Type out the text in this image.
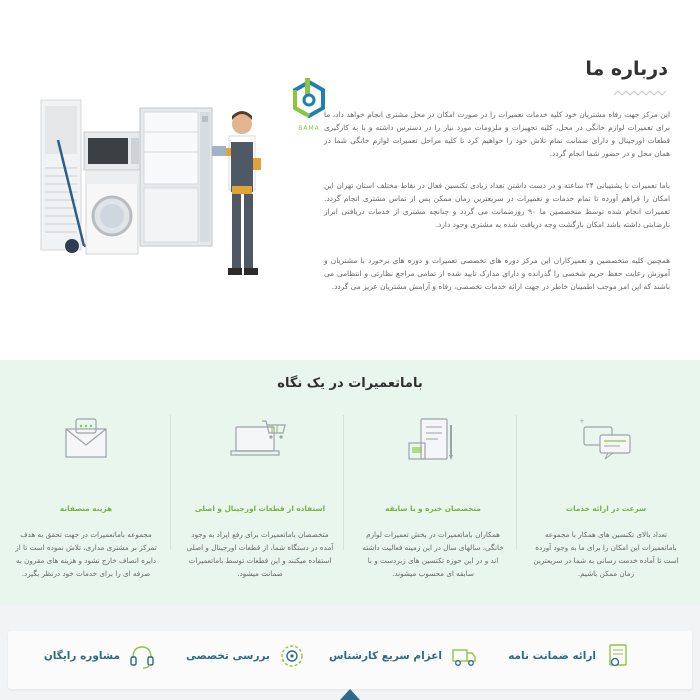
درباره ما

این مرکز جهت رفاه مشتریان خود کلیه خدمات تعمیرات را در صورت امکان در محل مشتری انجام خواهد داد، ما برای تعمیرات لوازم خانگی در محل، کلیه تجهیزات و ملزومات مورد نیاز را در دسترس داشته و با به کارگیری قطعات اورجینال و دارای ضمانت تمام تلاش خود را خواهیم کرد تا کلیه مراحل تعمیرات لوازم خانگی شما در همان محل و در حضور شما انجام گردد.

باما تعمیرات با پشتیبانی ۲۴ ساعته و در دست داشتن تعداد زیادی تکنسین فعال در نقاط مختلف استان تهران این امکان را فراهم آورده تا تمام خدمات و تعمیرات در سریعترین زمان ممکن پس از تماس مشتری انجام گردد. تعمیرات انجام شده توسط متخصصین ما ۹۰ روزضمانت می گردد و چنانچه مشتری از خدمات دریافتی ابراز نارضایتی داشته باشد امکان بازگشت وجه دریافت شده به مشتری وجود دارد.

همچنین کلیه متخصصین و تعمیرکاران این مرکز دوره های تخصصی تعمیرات و دوره های برخورد با مشتریان و آموزش رعایت حفظ حریم شخصی را گذرانده و دارای مدارک تایید شده از تمامی مراجع نظارتی و انتظامی می باشند که این امر موجب اطمینان خاطر در جهت ارائه خدمات تخصصی، رفاه و آرامش مشتریان عزیز می گردد.

BAMA
باماتعمیرات در یک نگاه
+

سرعت در ارائه خدمات

تعداد بالای تکنسین های همکار با مجموعه باماتعمیرات این امکان را برای ما به وجود آورده است تا آماده خدمت رسانی به شما در سریعترین زمان ممکن باشیم.

متخصصان خبره و با سابقه

همکاران باماتعمیرات در بخش تعمیرات لوازم خانگی، سالهای سال در این زمینه فعالیت داشته اند و در این حوزه تکنسین های زبردست و با سابقه ای محسوب میشوند.

استفاده از قطعات اورجینال و اصلی

متخصصان باماتعمیرات برای رفع ایراد به وجود آمده در دستگاه شما، از قطعات اورجینال و اصلی استفاده میکنند و این قطعات توسط باماتعمیرات ضمانت میشود.

هزینه منصفانه

مجموعه باماتعمیرات در جهت تحقق به هدف تمرکز بر مشتری مداری، تلاش نموده است تا از دایره انصاف خارج نشود و هزینه های مقرون به صرفه ای را برای خدمات خود درنظر بگیرد.

ارائه ضمانت نامه
اعزام سریع کارشناس
بررسی تخصصی
مشاوره رایگان
